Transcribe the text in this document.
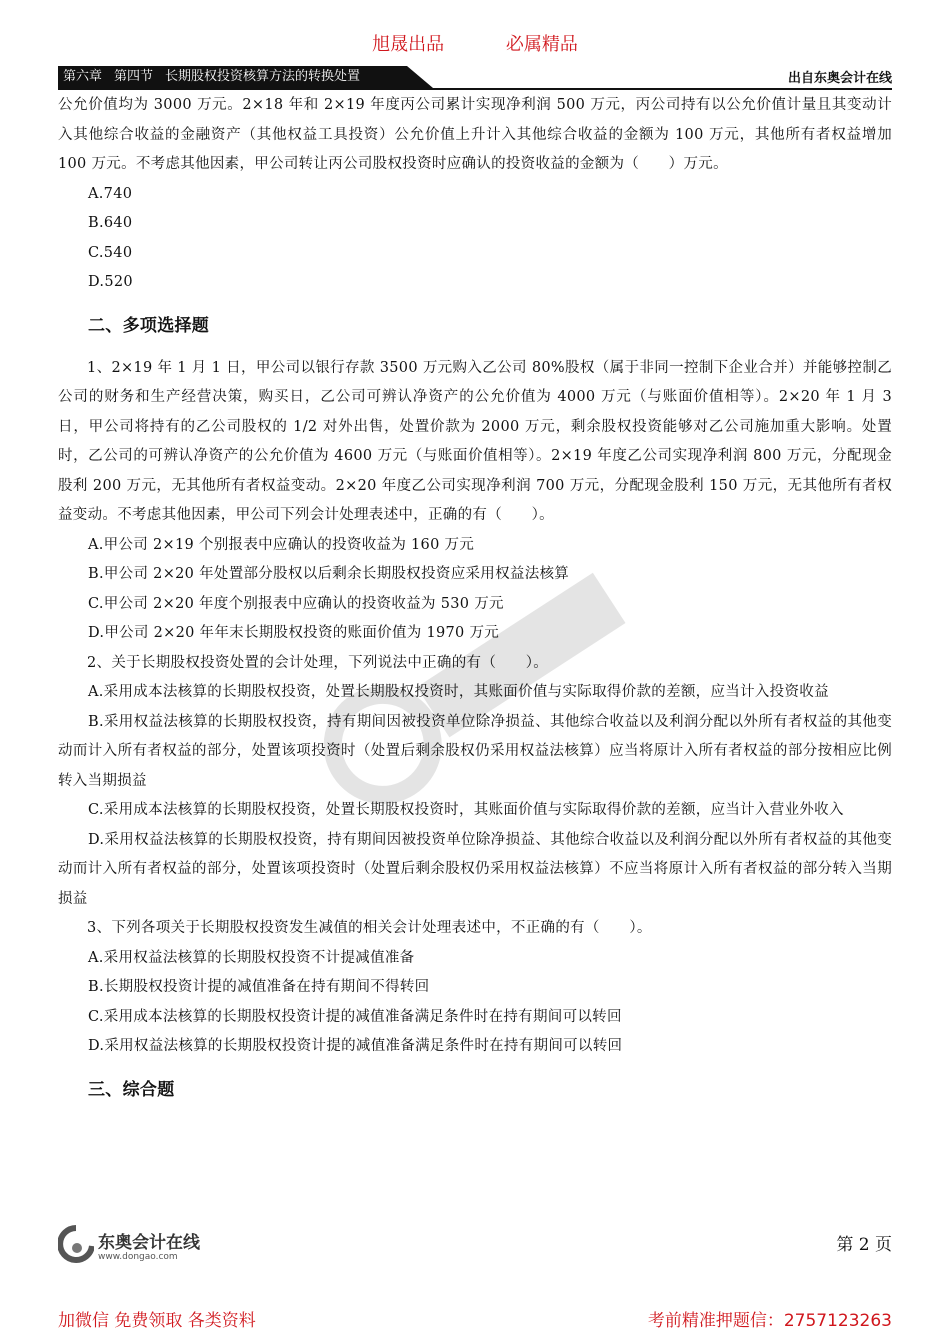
旭晟出品	必属精品
第六章 第四节 长期股权投资核算方法的转换处置	出自东奥会计在线
公允价值均为 3000 万元。2×18 年和 2×19 年度丙公司累计实现净利润 500 万元，丙公司持有以公允价值计量且其变动计入其他综合收益的金融资产（其他权益工具投资）公允价值上升计入其他综合收益的金额为 100 万元，其他所有者权益增加 100 万元。不考虑其他因素，甲公司转让丙公司股权投资时应确认的投资收益的金额为（　　）万元。
A.740
B.640
C.540
D.520
二、多项选择题
1、2×19 年 1 月 1 日，甲公司以银行存款 3500 万元购入乙公司 80%股权（属于非同一控制下企业合并）并能够控制乙公司的财务和生产经营决策，购买日，乙公司可辨认净资产的公允价值为 4000 万元（与账面价值相等）。2×20 年 1 月 3 日，甲公司将持有的乙公司股权的 1/2 对外出售，处置价款为 2000 万元，剩余股权投资能够对乙公司施加重大影响。处置时，乙公司的可辨认净资产的公允价值为 4600 万元（与账面价值相等）。2×19 年度乙公司实现净利润 800 万元，分配现金股利 200 万元，无其他所有者权益变动。2×20 年度乙公司实现净利润 700 万元，分配现金股利 150 万元，无其他所有者权益变动。不考虑其他因素，甲公司下列会计处理表述中，正确的有（　　）。
A.甲公司 2×19 个别报表中应确认的投资收益为 160 万元
B.甲公司 2×20 年处置部分股权以后剩余长期股权投资应采用权益法核算
C.甲公司 2×20 年度个别报表中应确认的投资收益为 530 万元
D.甲公司 2×20 年年末长期股权投资的账面价值为 1970 万元
2、关于长期股权投资处置的会计处理，下列说法中正确的有（　　）。
A.采用成本法核算的长期股权投资，处置长期股权投资时，其账面价值与实际取得价款的差额，应当计入投资收益
B.采用权益法核算的长期股权投资，持有期间因被投资单位除净损益、其他综合收益以及利润分配以外所有者权益的其他变动而计入所有者权益的部分，处置该项投资时（处置后剩余股权仍采用权益法核算）应当将原计入所有者权益的部分按相应比例转入当期损益
C.采用成本法核算的长期股权投资，处置长期股权投资时，其账面价值与实际取得价款的差额，应当计入营业外收入
D.采用权益法核算的长期股权投资，持有期间因被投资单位除净损益、其他综合收益以及利润分配以外所有者权益的其他变动而计入所有者权益的部分，处置该项投资时（处置后剩余股权仍采用权益法核算）不应当将原计入所有者权益的部分转入当期损益
3、下列各项关于长期股权投资发生减值的相关会计处理表述中，不正确的有（　　）。
A.采用权益法核算的长期股权投资不计提减值准备
B.长期股权投资计提的减值准备在持有期间不得转回
C.采用成本法核算的长期股权投资计提的减值准备满足条件时在持有期间可以转回
D.采用权益法核算的长期股权投资计提的减值准备满足条件时在持有期间可以转回
三、综合题
东奥会计在线
www.dongao.com
第 2 页
加微信 免费领取 各类资料	考前精准押题信：2757123263
